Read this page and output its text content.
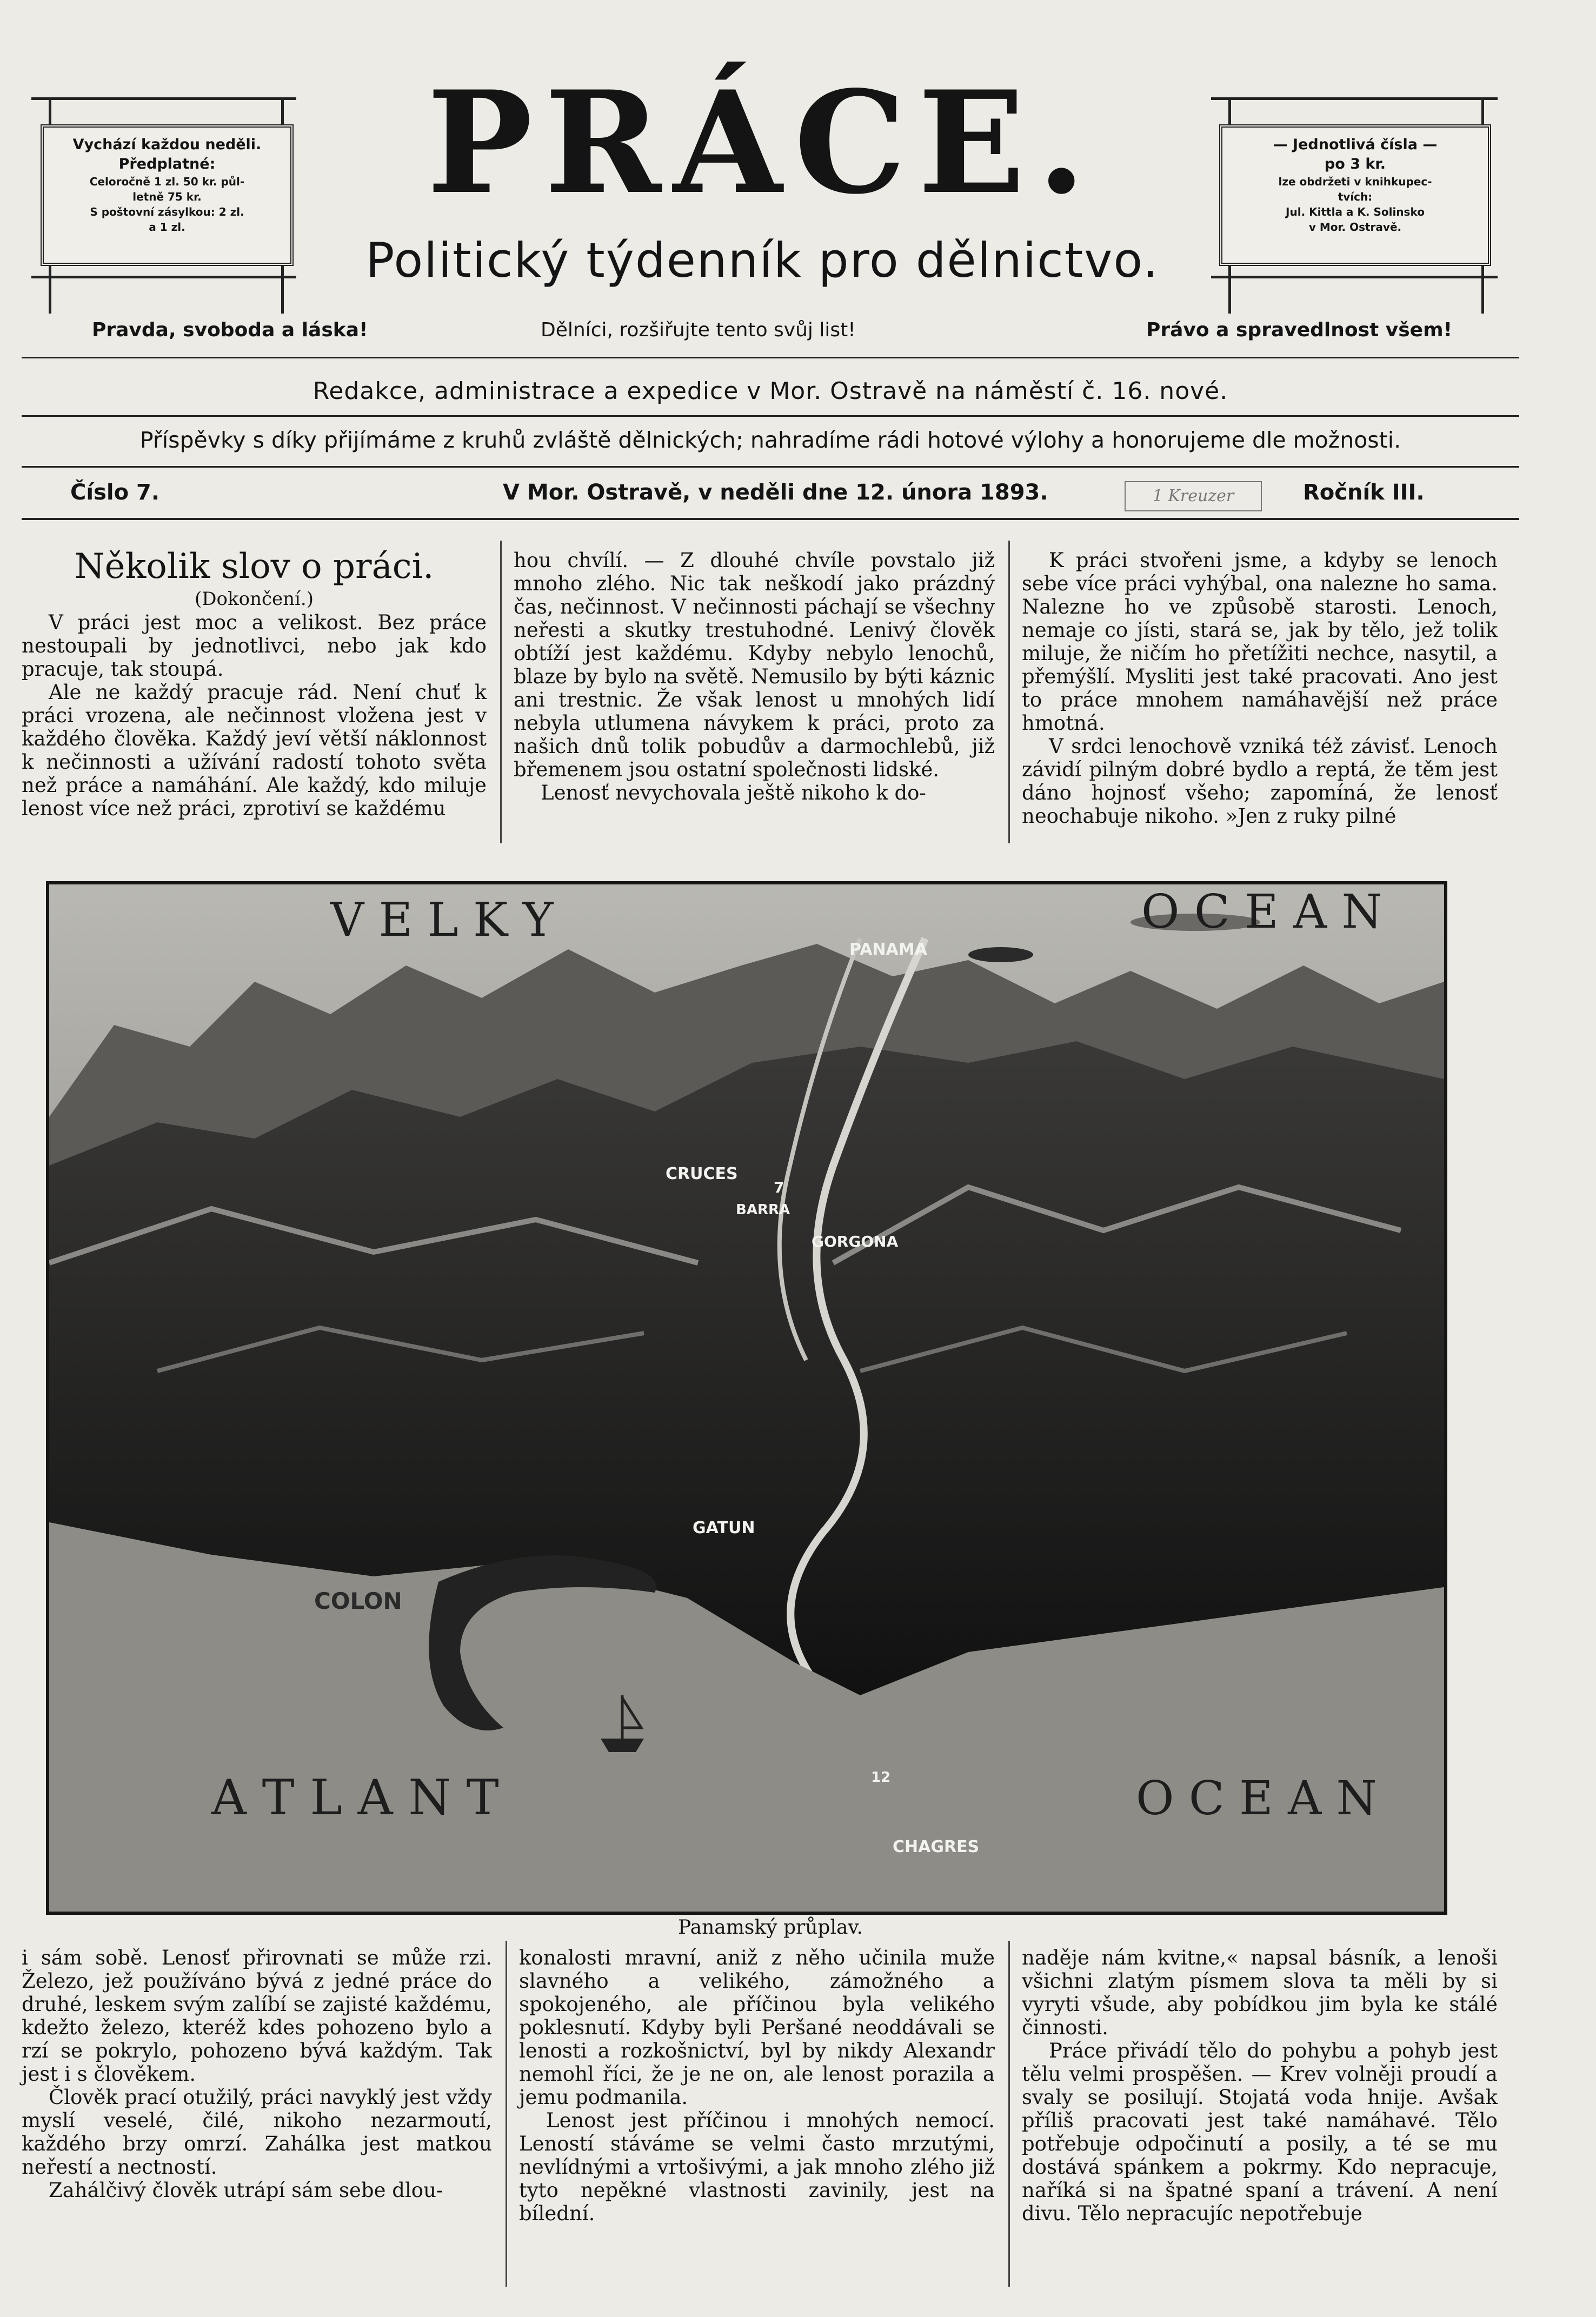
Vychází každou neděli.
Předplatné:
Celoročně 1 zl. 50 kr. půl-
letně 75 kr.
S poštovní zásylkou: 2 zl.
a 1 zl.
PRÁCE.
Politický týdenník pro dělnictvo.
— Jednotlivá čísla —
po 3 kr.
lze obdržeti v knihkupec-
tvích:
Jul. Kittla a K. Solinsko
v Mor. Ostravě.
Pravda, svoboda a láska!	Dělníci, rozšiřujte tento svůj list!	Právo a spravedlnost všem!
Redakce, administrace a expedice v Mor. Ostravě na náměstí č. 16. nové.
Příspěvky s díky přijímáme z kruhů zvláště dělnických; nahradíme rádi hotové výlohy a honorujeme dle možnosti.
Číslo 7.	V Mor. Ostravě, v neděli dne 12. února 1893.	1 Kreuzer	Ročník III.

Několik slov o práci.

(Dokončení.)

V práci jest moc a velikost. Bez práce nestoupali by jednotlivci, nebo jak kdo pracuje, tak stoupá.

Ale ne každý pracuje rád. Není chuť k práci vrozena, ale nečinnost vložena jest v každého člověka. Každý jeví větší náklonnost k nečinnosti a užívání radostí tohoto světa než práce a namáhání. Ale každý, kdo miluje lenost více než práci, zprotiví se každému

hou chvílí. — Z dlouhé chvíle povstalo již mnoho zlého. Nic tak neškodí jako prázdný čas, nečinnost. V nečinnosti páchají se všechny neřesti a skutky trestuhodné. Lenivý člověk obtíží jest každému. Kdyby nebylo lenochů, blaze by bylo na světě. Nemusilo by býti káznic ani trestnic. Že však lenost u mnohých lidí nebyla utlumena návykem k práci, proto za našich dnů tolik pobudův a darmochlebů, již břemenem jsou ostatní společnosti lidské.

Lenosť nevychovala ještě nikoho k do-

K práci stvořeni jsme, a kdyby se lenoch sebe více práci vyhýbal, ona nalezne ho sama. Nalezne ho ve způsobě starosti. Lenoch, nemaje co jísti, stará se, jak by tělo, jež tolik miluje, že ničím ho přetížiti nechce, nasytil, a přemýšlí. Mysliti jest také pracovati. Ano jest to práce mnohem namáhavější než práce hmotná.

V srdci lenochově vzniká též závisť. Lenoch závidí pilným dobré bydlo a reptá, že těm jest dáno hojnosť všeho; zapomíná, že lenosť neochabuje nikoho. »Jen z ruky pilné

V E L K Y	O C E A N
PANAMA
CRUCES
7
BARRA
GORGONA
GATUN
COLON
A T L A N T	12	O C E A N
CHAGRES
Panamský průplav.

i sám sobě. Lenosť přirovnati se může rzi. Železo, jež používáno bývá z jedné práce do druhé, leskem svým zalíbí se zajisté každému, kdežto železo, kteréž kdes pohozeno bylo a rzí se pokrylo, pohozeno bývá každým. Tak jest i s člověkem.

Člověk prací otužilý, práci navyklý jest vždy myslí veselé, čilé, nikoho nezarmoutí, každého brzy omrzí. Zahálka jest matkou neřestí a nectností.

Zahálčivý člověk utrápí sám sebe dlou-

konalosti mravní, aniž z něho učinila muže slavného a velikého, zámožného a spokojeného, ale příčinou byla velikého poklesnutí. Kdyby byli Peršané neoddávali se lenosti a rozkošnictví, byl by nikdy Alexandr nemohl říci, že je ne on, ale lenost porazila a jemu podmanila.

Lenost jest příčinou i mnohých nemocí. Leností stáváme se velmi často mrzutými, nevlídnými a vrtošivými, a jak mnoho zlého již tyto nepěkné vlastnosti zavinily, jest na bílední.

naděje nám kvitne,« napsal básník, a lenoši všichni zlatým písmem slova ta měli by si vyryti všude, aby pobídkou jim byla ke stálé činnosti.

Práce přivádí tělo do pohybu a pohyb jest tělu velmi prospěšen. — Krev volněji proudí a svaly se posilují. Stojatá voda hnije. Avšak příliš pracovati jest také namáhavé. Tělo potřebuje odpočinutí a posily, a té se mu dostává spánkem a pokrmy. Kdo nepracuje, naříká si na špatné spaní a trávení. A není divu. Tělo nepracujíc nepotřebuje
